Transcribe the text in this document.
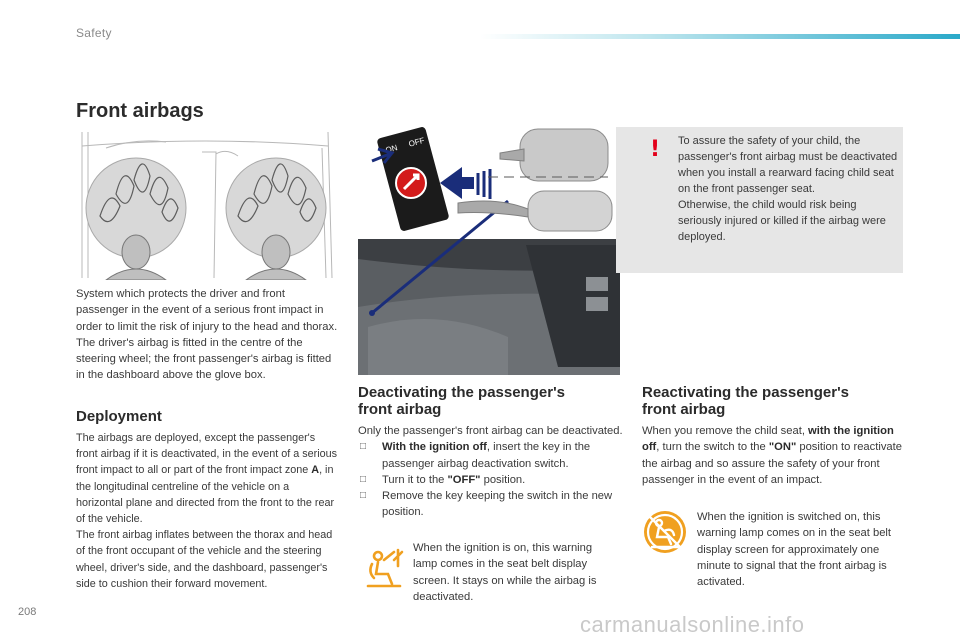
Safety
Front airbags
System which protects the driver and front passenger in the event of a serious front impact in order to limit the risk of injury to the head and thorax.
The driver's airbag is fitted in the centre of the steering wheel; the front passenger's airbag is fitted in the dashboard above the glove box.
Deployment
The airbags are deployed, except the passenger's front airbag if it is deactivated, in the event of a serious front impact to all or part of the front impact zone A, in the longitudinal centreline of the vehicle on a horizontal plane and directed from the front to the rear of the vehicle.
The front airbag inflates between the thorax and head of the front occupant of the vehicle and the steering wheel, driver's side, and the dashboard, passenger's side to cushion their forward movement.
ON
OFF
Deactivating the passenger's
front airbag
Only the passenger's front airbag can be deactivated.
□ With the ignition off, insert the key in the passenger airbag deactivation switch.
□ Turn it to the "OFF" position.
□ Remove the key keeping the switch in the new position.
When the ignition is on, this warning lamp comes in the seat belt display screen. It stays on while the airbag is deactivated.
! To assure the safety of your child, the passenger's front airbag must be deactivated when you install a rearward facing child seat on the front passenger seat.
Otherwise, the child would risk being seriously injured or killed if the airbag were deployed.
Reactivating the passenger's
front airbag
When you remove the child seat, with the ignition off, turn the switch to the "ON" position to reactivate the airbag and so assure the safety of your front passenger in the event of an impact.
When the ignition is switched on, this warning lamp comes on in the seat belt display screen for approximately one minute to signal that the front airbag is activated.
208	carmanualsonline.info
